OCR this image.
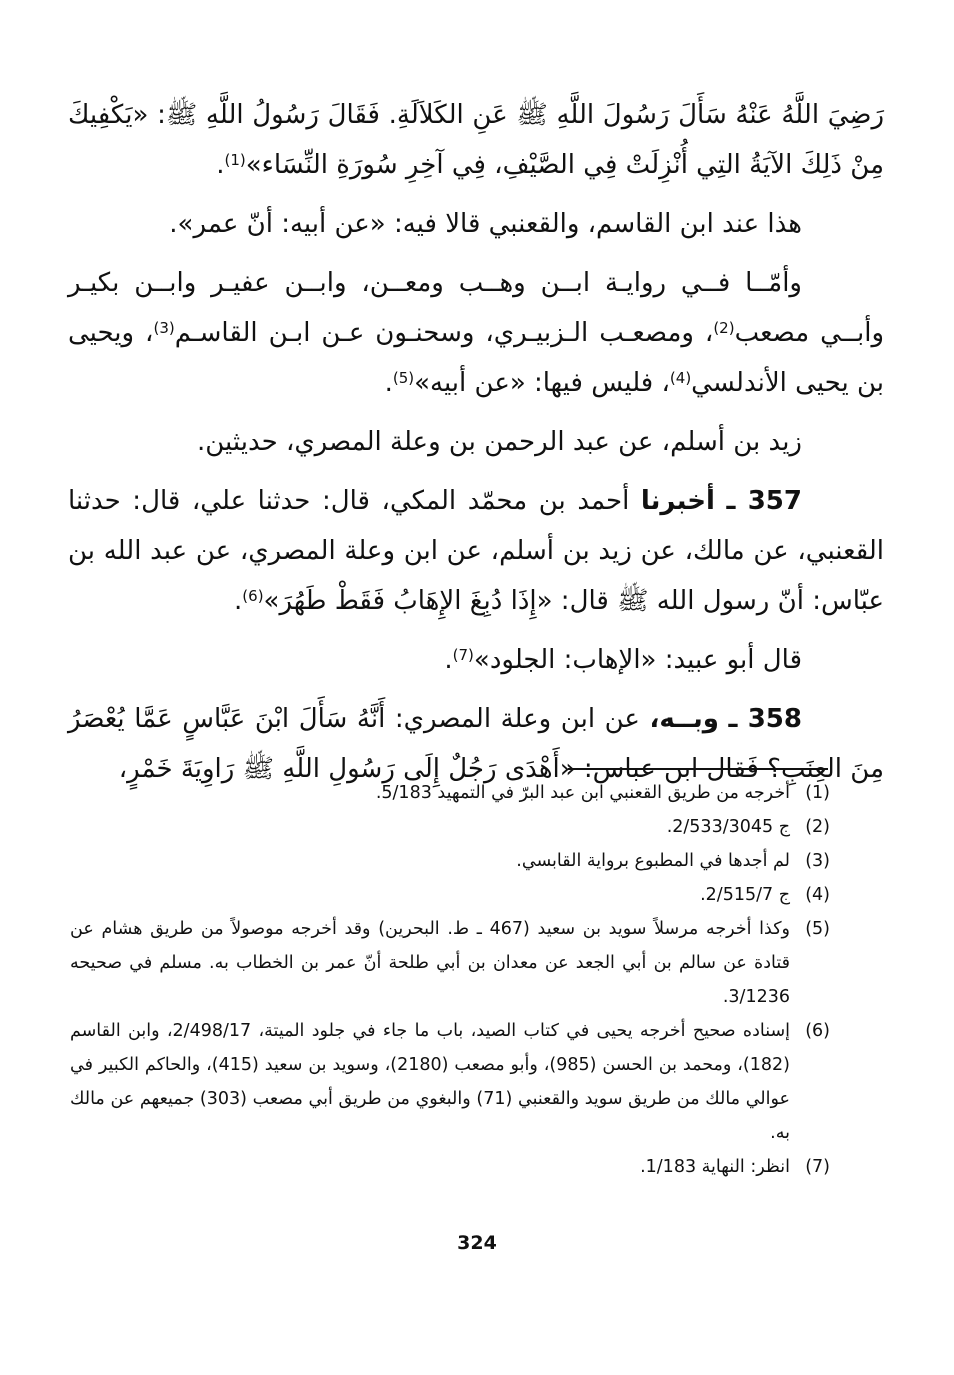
رَضِيَ اللَّهُ عَنْهُ سَأَلَ رَسُولَ اللَّهِ ﷺ عَنِ الكَلاَلَةِ. فَقَالَ رَسُولُ اللَّهِ ﷺ: «يَكْفِيكَ مِنْ ذَلِكَ الآيَةُ التِي أُنْزِلَتْ فِي الصَّيْفِ، فِي آخِرِ سُورَةِ النِّسَاء»$^{(1)}$.

هذا عند ابن القاسم، والقعنبي قالا فيه: «عن أبيه: أنّ عمر».

وأمّــا فــي روايـة ابــن وهــب ومعــن، وابــن عفيـر وابــن بكيـر وأبــي مصعب$^{(2)}$، ومصعـب الـزبيـري، وسحنـون عـن ابـن القاسـم$^{(3)}$، ويحيى بن يحيى الأندلسي$^{(4)}$، فليس فيها: «عن أبيه»$^{(5)}$.

زيد بن أسلم، عن عبد الرحمن بن وعلة المصري، حديثين.

357 ـ أخبرنا أحمد بن محمّد المكي، قال: حدثنا علي، قال: حدثنا القعنبي، عن مالك، عن زيد بن أسلم، عن ابن وعلة المصري، عن عبد الله بن عبّاس: أنّ رسول الله ﷺ قال: «إِذَا دُبِغَ الإِهَابُ فَقَطْ طَهُرَ»$^{(6)}$.

قال أبو عبيد: «الإهاب: الجلود»$^{(7)}$.

358 ـ وبــه، عن ابن وعلة المصري: أَنَّهُ سَأَلَ ابْنَ عَبَّاسٍ عَمَّا يُعْصَرُ مِنَ العِنَبِ؟ فَقال ابن عباس: «أَهْدَى رَجُلٌ إِلَى رَسُولِ اللَّهِ ﷺ رَاوِيَةَ خَمْرٍ،

(1)
أخرجه من طريق القعنبي ابن عبد البرّ في التمهيد 5/183.
(2)
ج 2/533/3045.
(3)
لم أجدها في المطبوع برواية القابسي.
(4)
ج 2/515/7.
(5)
وكذا أخرجه مرسلاً سويد بن سعيد (467 ـ ط. البحرين) وقد أخرجه موصولاً من طريق هشام عن قتادة عن سالم بن أبي الجعد عن معدان بن أبي طلحة أنّ عمر بن الخطاب به. مسلم في صحيحه 3/1236.
(6)
إسناده صحيح أخرجه يحيى في كتاب الصيد، باب ما جاء في جلود الميتة، 2/498/17، وابن القاسم (182)، ومحمد بن الحسن (985)، وأبو مصعب (2180)، وسويد بن سعيد (415)، والحاكم الكبير في عوالي مالك من طريق سويد والقعنبي (71) والبغوي من طريق أبي مصعب (303) جميعهم عن مالك به.
(7)
انظر: النهاية 1/183.
324
